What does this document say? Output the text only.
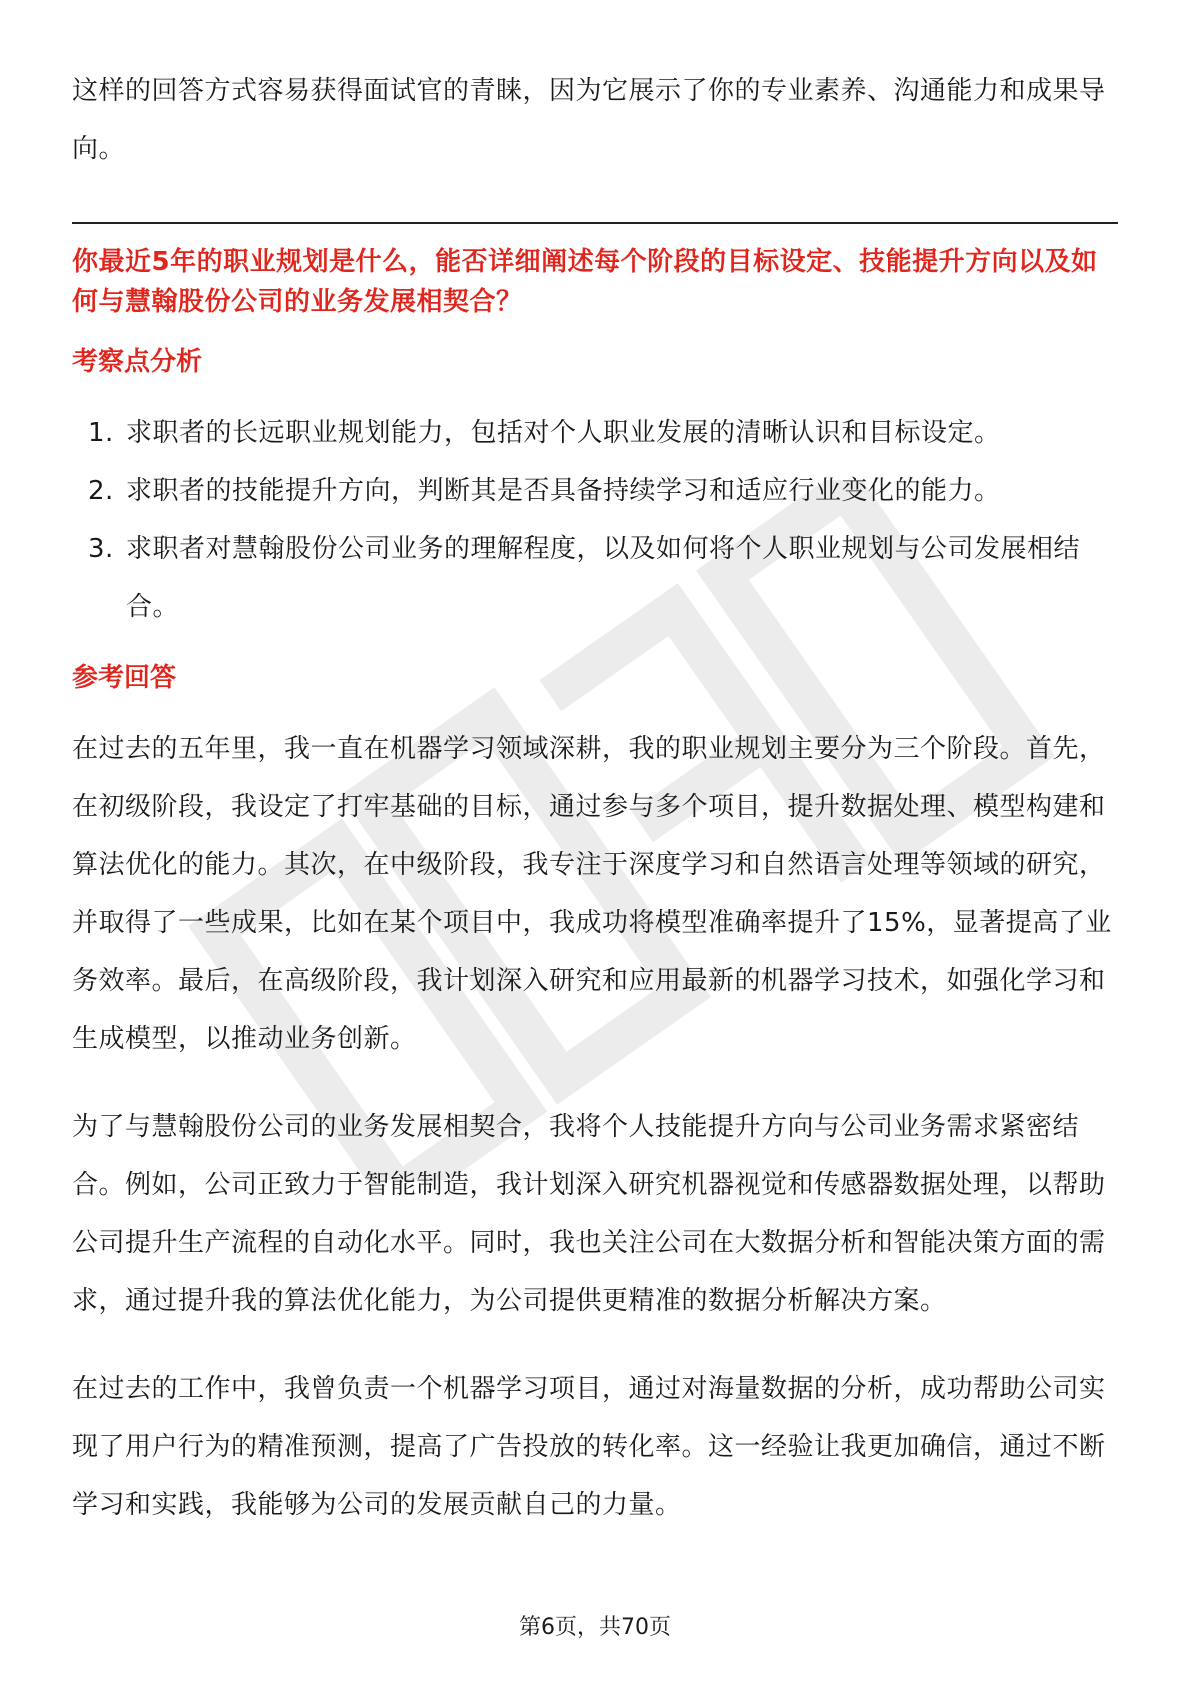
这样的回答方式容易获得面试官的青睐，因为它展示了你的专业素养、沟通能力和成果导向。

你最近5年的职业规划是什么，能否详细阐述每个阶段的目标设定、技能提升方向以及如何与慧翰股份公司的业务发展相契合？

考察点分析
1. 求职者的长远职业规划能力，包括对个人职业发展的清晰认识和目标设定。
2. 求职者的技能提升方向，判断其是否具备持续学习和适应行业变化的能力。
3. 求职者对慧翰股份公司业务的理解程度，以及如何将个人职业规划与公司发展相结合。
参考回答

在过去的五年里，我一直在机器学习领域深耕，我的职业规划主要分为三个阶段。首先，在初级阶段，我设定了打牢基础的目标，通过参与多个项目，提升数据处理、模型构建和算法优化的能力。其次，在中级阶段，我专注于深度学习和自然语言处理等领域的研究，并取得了一些成果，比如在某个项目中，我成功将模型准确率提升了15%，显著提高了业务效率。最后，在高级阶段，我计划深入研究和应用最新的机器学习技术，如强化学习和生成模型，以推动业务创新。

为了与慧翰股份公司的业务发展相契合，我将个人技能提升方向与公司业务需求紧密结合。例如，公司正致力于智能制造，我计划深入研究机器视觉和传感器数据处理，以帮助公司提升生产流程的自动化水平。同时，我也关注公司在大数据分析和智能决策方面的需求，通过提升我的算法优化能力，为公司提供更精准的数据分析解决方案。

在过去的工作中，我曾负责一个机器学习项目，通过对海量数据的分析，成功帮助公司实现了用户行为的精准预测，提高了广告投放的转化率。这一经验让我更加确信，通过不断学习和实践，我能够为公司的发展贡献自己的力量。

第6页，共70页
